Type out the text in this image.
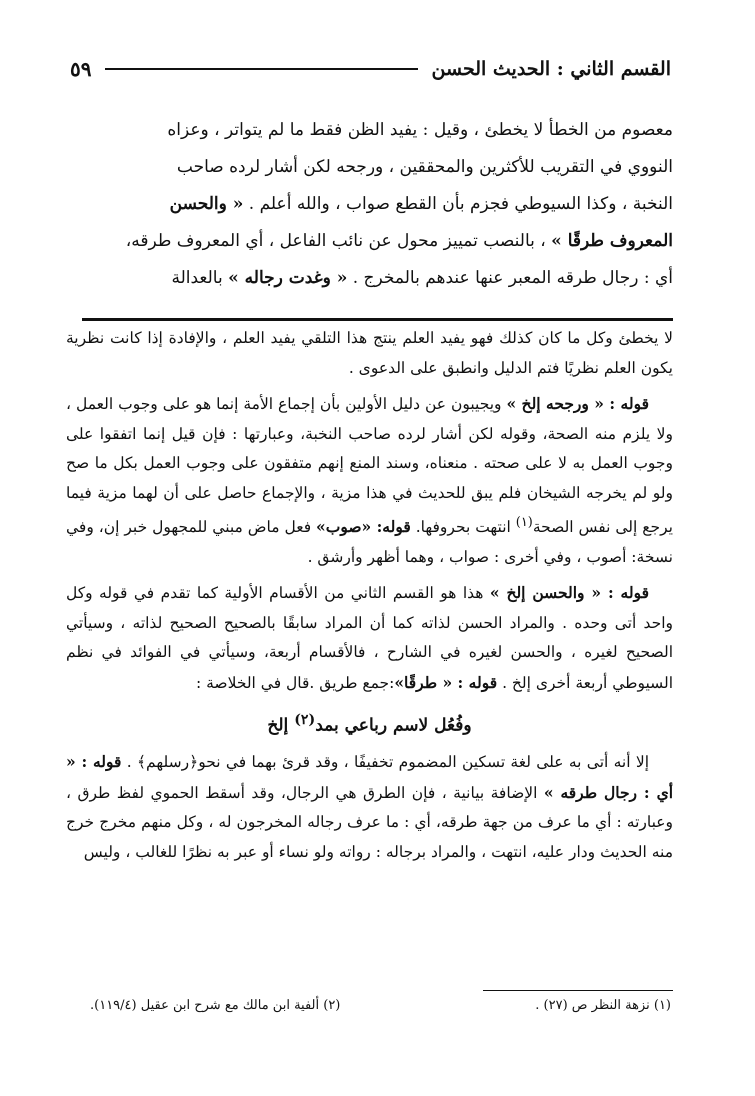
القسم الثاني : الحديث الحسن
٥٩

معصوم من الخطأ لا يخطئ ، وقيل : يفيد الظن فقط ما لم يتواتر ، وعزاه

النووي في التقريب للأكثرين والمحققين ، ورجحه لكن أشار لرده صاحب

النخبة ، وكذا السيوطي فجزم بأن القطع صواب ، والله أعلم . « والحسن

المعروف طرقًا » ، بالنصب تمييز محول عن نائب الفاعل ، أي المعروف طرقه،

أي : رجال طرقه المعبر عنها عندهم بالمخرج . « وغدت رجاله » بالعدالة

لا يخطئ وكل ما كان كذلك فهو يفيد العلم ينتج هذا التلقي يفيد العلم ، والإفادة إذا كانت نظرية يكون العلم نظريًا فتم الدليل وانطبق على الدعوى .

قوله : « ورجحه إلخ » ويجيبون عن دليل الأولين بأن إجماع الأمة إنما هو على وجوب العمل ، ولا يلزم منه الصحة، وقوله لكن أشار لرده صاحب النخبة، وعبارتها : فإن قيل إنما اتفقوا على وجوب العمل به لا على صحته . منعناه، وسند المنع إنهم متفقون على وجوب العمل بكل ما صح ولو لم يخرجه الشيخان فلم يبق للحديث في هذا مزية ، والإجماع حاصل على أن لهما مزية فيما يرجع إلى نفس الصحة$^{(١)}$ انتهت بحروفها. قوله: «صوب» فعل ماض مبني للمجهول خبر إن، وفي نسخة: أصوب ، وفي أخرى : صواب ، وهما أظهر وأرشق .

قوله : « والحسن إلخ » هذا هو القسم الثاني من الأقسام الأولية كما تقدم في قوله وكل واحد أتى وحده . والمراد الحسن لذاته كما أن المراد سابقًا بالصحيح الصحيح لذاته ، وسيأتي الصحيح لغيره ، والحسن لغيره في الشارح ، فالأقسام أربعة، وسيأتي في الفوائد في نظم السيوطي أربعة أخرى إلخ . قوله : « طرقًا»:جمع طريق .قال في الخلاصة :

وفُعُل لاسم رباعي بمد$^{(٢)}$ إلخ

إلا أنه أتى به على لغة تسكين المضموم تخفيفًا ، وقد قرئ بهما في نحو﴿رسلهم﴾ . قوله : « أي : رجال طرقه » الإضافة بيانية ، فإن الطرق هي الرجال، وقد أسقط الحموي لفظ طرق ، وعبارته : أي ما عرف من جهة طرقه، أي : ما عرف رجاله المخرجون له ، وكل منهم مخرج خرج منه الحديث ودار عليه، انتهت ، والمراد برجاله : رواته ولو نساء أو عبر به نظرًا للغالب ، وليس

(١) نزهة النظر ص (٢٧) .
(٢) ألفية ابن مالك مع شرح ابن عقيل (١١٩/٤).
